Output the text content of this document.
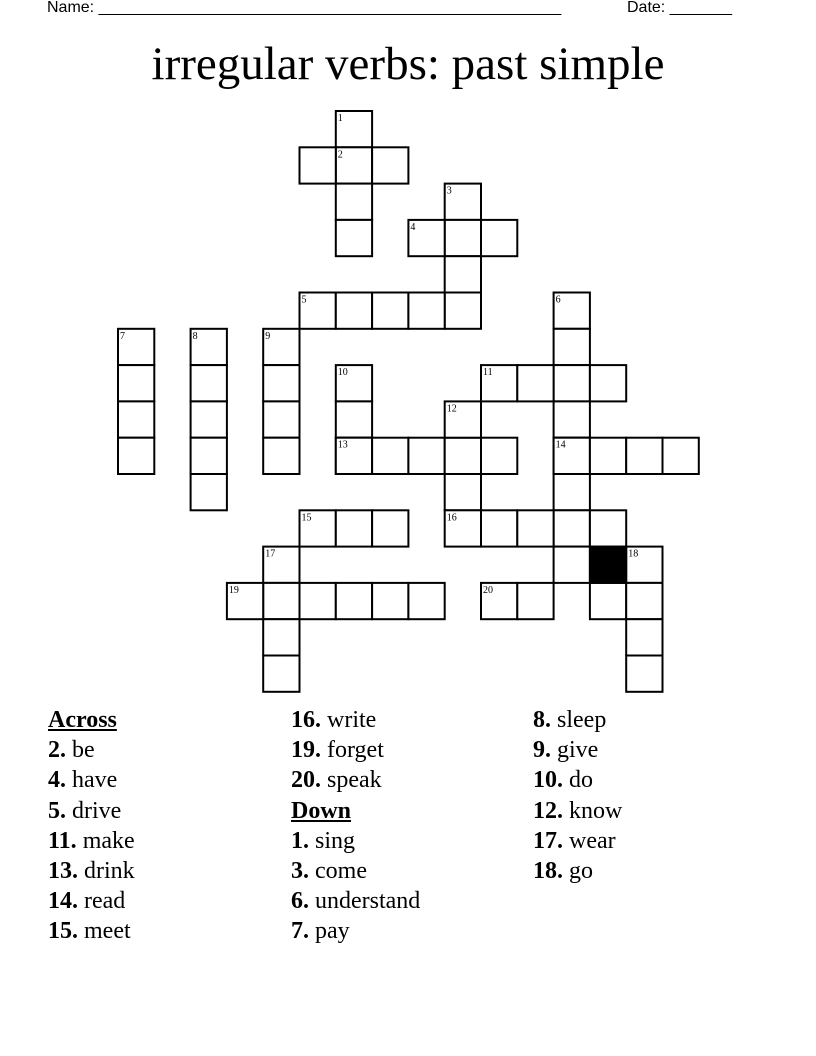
Name: ____________________________________________________	Date: _______
irregular verbs: past simple
1
2
3
4
5	6
7	8	9
10	11
13
12
16
14
15
17
19	20
18
Across
2. be
4. have
5. drive
11. make
13. drink
14. read
15. meet
16. write
19. forget
20. speak
Down
1. sing
3. come
6. understand
7. pay
8. sleep
9. give
10. do
12. know
17. wear
18. go
